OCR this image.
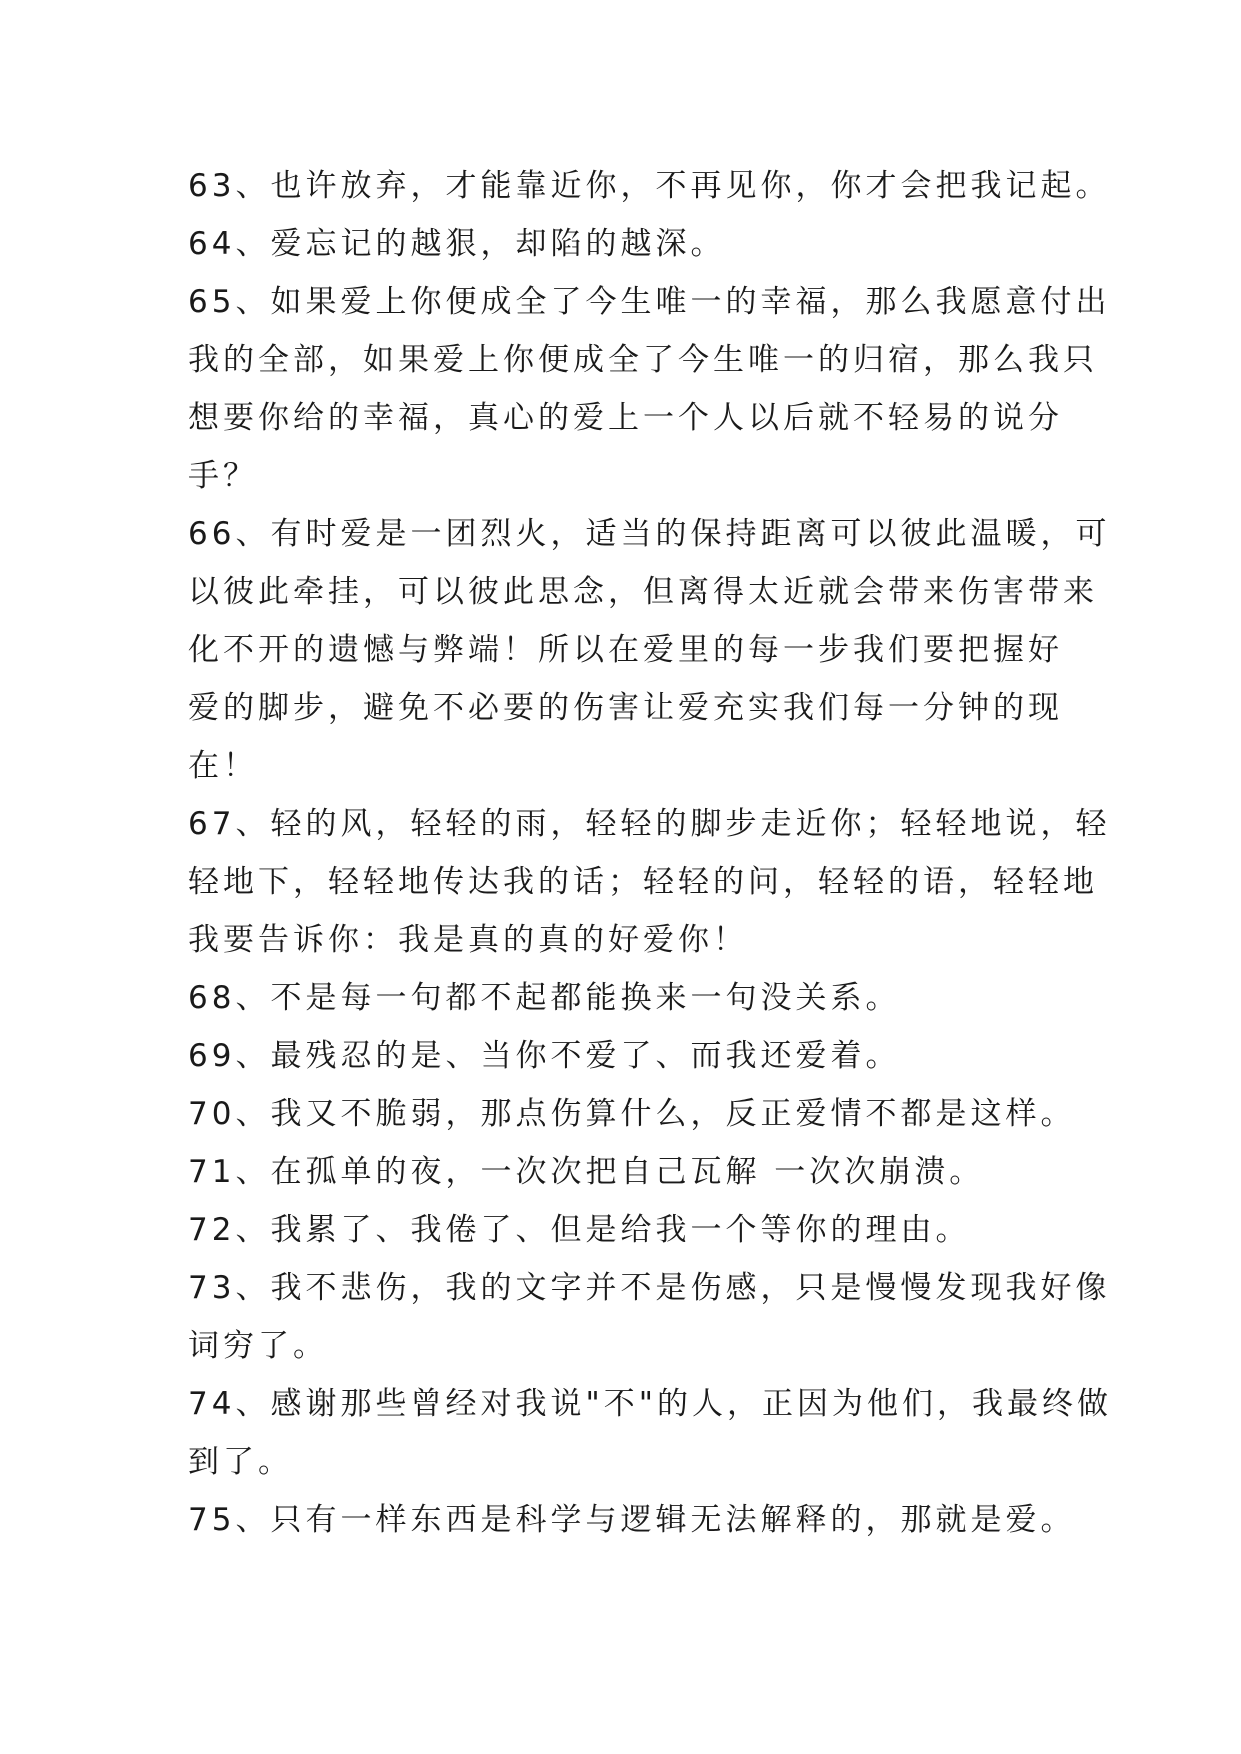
63、也许放弃，才能靠近你，不再见你，你才会把我记起。
64、爱忘记的越狠，却陷的越深。
65、如果爱上你便成全了今生唯一的幸福，那么我愿意付出
我的全部，如果爱上你便成全了今生唯一的归宿，那么我只
想要你给的幸福，真心的爱上一个人以后就不轻易的说分
手？
66、有时爱是一团烈火，适当的保持距离可以彼此温暖，可
以彼此牵挂，可以彼此思念，但离得太近就会带来伤害带来
化不开的遗憾与弊端！所以在爱里的每一步我们要把握好
爱的脚步，避免不必要的伤害让爱充实我们每一分钟的现
在！
67、轻的风，轻轻的雨，轻轻的脚步走近你；轻轻地说，轻
轻地下，轻轻地传达我的话；轻轻的问，轻轻的语，轻轻地
我要告诉你：我是真的真的好爱你！
68、不是每一句都不起都能换来一句没关系。
69、最残忍的是、当你不爱了、而我还爱着。
70、我又不脆弱，那点伤算什么，反正爱情不都是这样。
71、在孤单的夜，一次次把自己瓦解 一次次崩溃。
72、我累了、我倦了、但是给我一个等你的理由。
73、我不悲伤，我的文字并不是伤感，只是慢慢发现我好像
词穷了。
74、感谢那些曾经对我说"不"的人，正因为他们，我最终做
到了。
75、只有一样东西是科学与逻辑无法解释的，那就是爱。
